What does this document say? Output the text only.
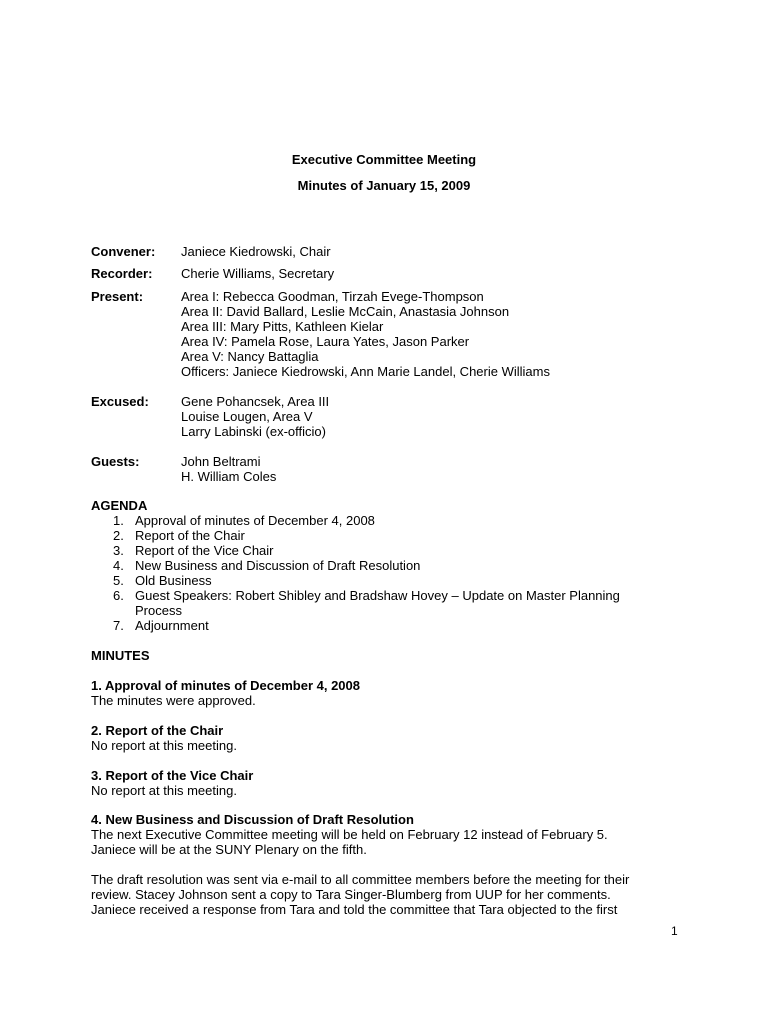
Executive Committee Meeting
Minutes of January 15, 2009
Convener: Janiece Kiedrowski, Chair
Recorder: Cherie Williams, Secretary
Present:	Area I: Rebecca Goodman, Tirzah Evege-Thompson
Area II: David Ballard, Leslie McCain, Anastasia Johnson
Area III: Mary Pitts, Kathleen Kielar
Area IV: Pamela Rose, Laura Yates, Jason Parker
Area V: Nancy Battaglia
Officers: Janiece Kiedrowski, Ann Marie Landel, Cherie Williams
Excused: Gene Pohancsek, Area III
Louise Lougen, Area V
Larry Labinski (ex-officio)
Guests:	John Beltrami
H. William Coles
AGENDA
1. Approval of minutes of December 4, 2008
2. Report of the Chair
3. Report of the Vice Chair
4. New Business and Discussion of Draft Resolution
5. Old Business
6. Guest Speakers: Robert Shibley and Bradshaw Hovey – Update on Master Planning Process
7. Adjournment
MINUTES
1. Approval of minutes of December 4, 2008
The minutes were approved.
2. Report of the Chair
No report at this meeting.
3. Report of the Vice Chair
No report at this meeting.
4. New Business and Discussion of Draft Resolution
The next Executive Committee meeting will be held on February 12 instead of February 5.
Janiece will be at the SUNY Plenary on the fifth.
The draft resolution was sent via e-mail to all committee members before the meeting for their
review. Stacey Johnson sent a copy to Tara Singer-Blumberg from UUP for her comments.
Janiece received a response from Tara and told the committee that Tara objected to the first
1
